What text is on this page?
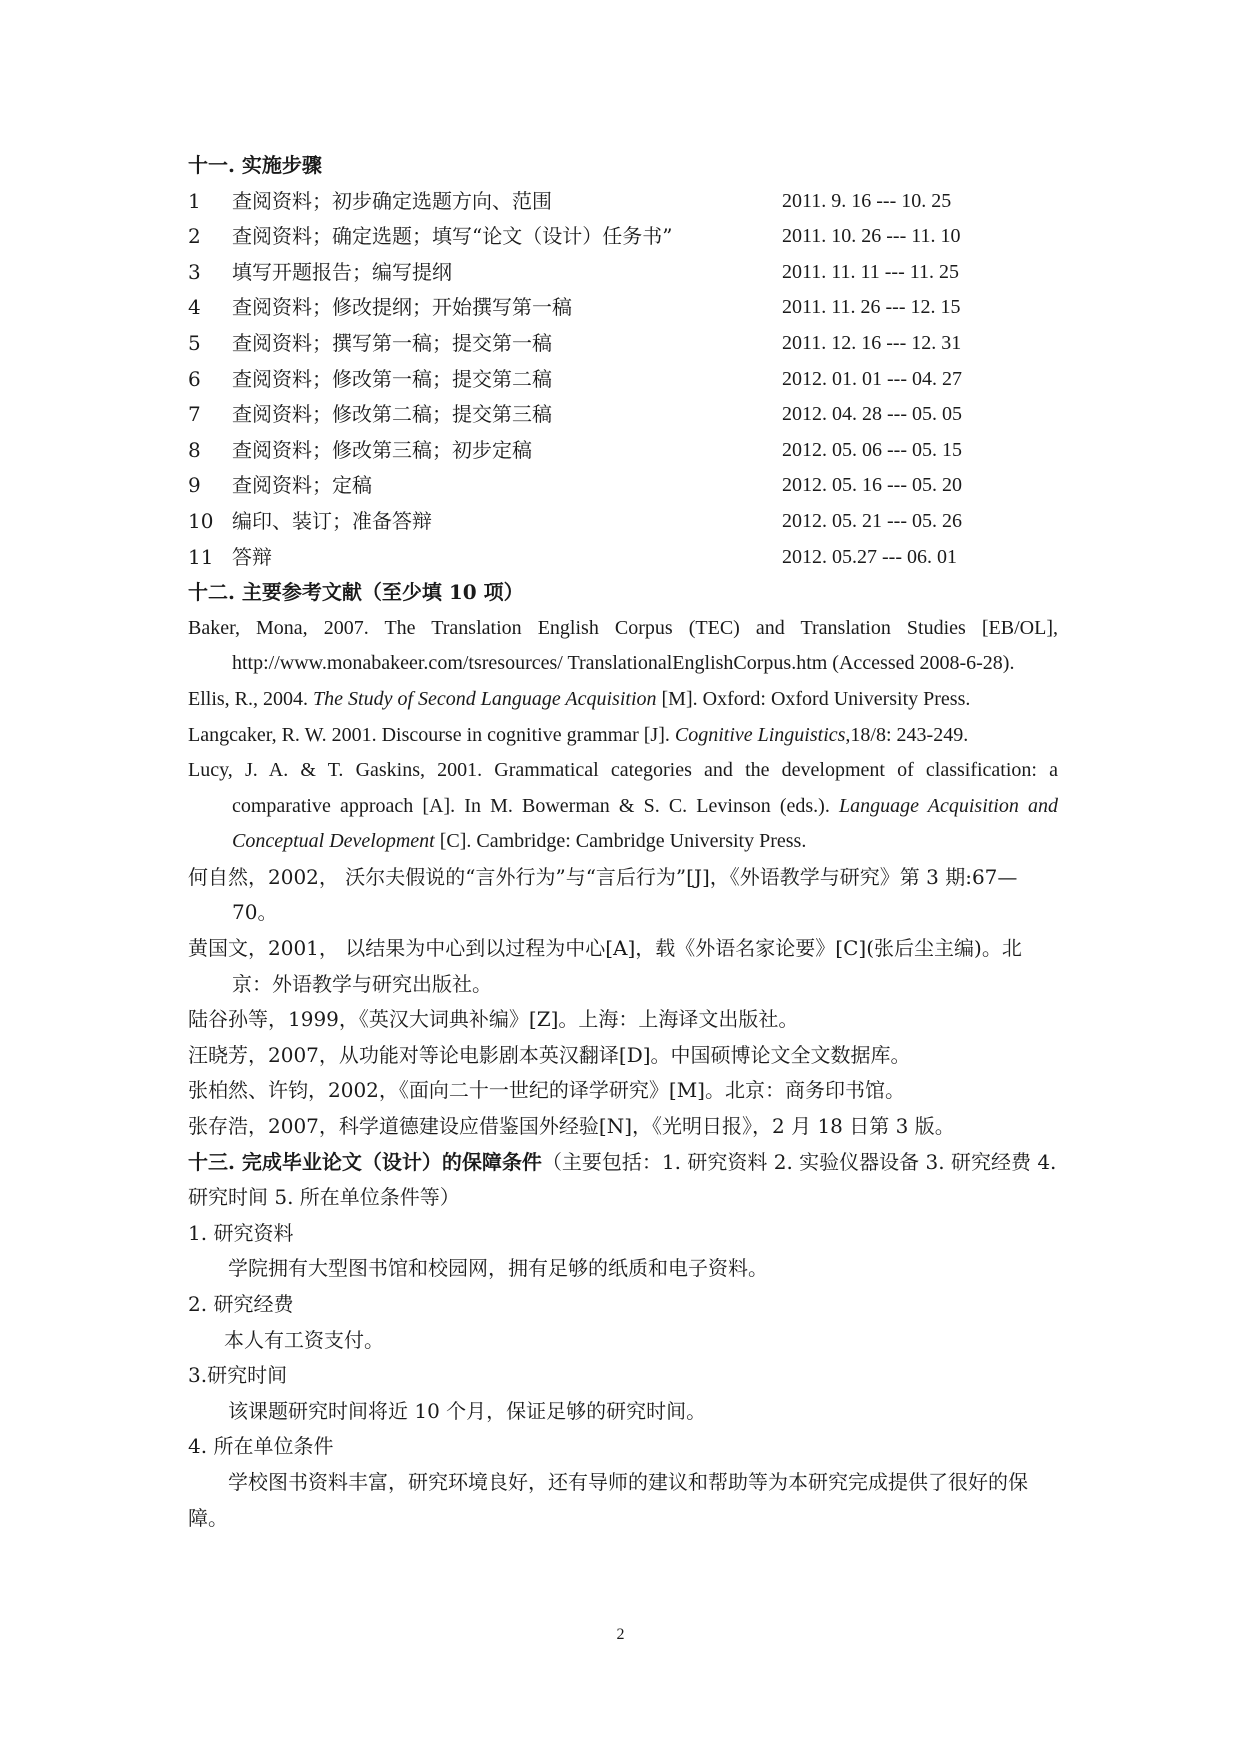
十一. 实施步骤
1 查阅资料；初步确定选题方向、范围	2011. 9. 16 --- 10. 25
2 查阅资料；确定选题；填写“论文（设计）任务书”	2011. 10. 26 --- 11. 10
3 填写开题报告；编写提纲	2011. 11. 11 --- 11. 25
4 查阅资料；修改提纲；开始撰写第一稿	2011. 11. 26 --- 12. 15
5 查阅资料；撰写第一稿；提交第一稿	2011. 12. 16 --- 12. 31
6 查阅资料；修改第一稿；提交第二稿	2012. 01. 01 --- 04. 27
7 查阅资料；修改第二稿；提交第三稿	2012. 04. 28 --- 05. 05
8 查阅资料；修改第三稿；初步定稿	2012. 05. 06 --- 05. 15
9 查阅资料；定稿	2012. 05. 16 --- 05. 20
10 编印、装订；准备答辩	2012. 05. 21 --- 05. 26
11 答辩	2012. 05.27 --- 06. 01
十二. 主要参考文献（至少填 10 项）
Baker, Mona, 2007. The Translation English Corpus (TEC) and Translation Studies [EB/OL], http://www.monabakeer.com/tsresources/ TranslationalEnglishCorpus.htm (Accessed 2008-6-28).
Ellis, R., 2004. The Study of Second Language Acquisition [M]. Oxford: Oxford University Press.
Langcaker, R. W. 2001. Discourse in cognitive grammar [J]. Cognitive Linguistics,18/8: 243-249.
Lucy, J. A. & T. Gaskins, 2001. Grammatical categories and the development of classification: a comparative approach [A]. In M. Bowerman & S. C. Levinson (eds.). Language Acquisition and Conceptual Development [C]. Cambridge: Cambridge University Press.
何自然，2002， 沃尔夫假说的“言外行为”与“言后行为”[J]，《外语教学与研究》第 3 期:67—70。
黄国文，2001， 以结果为中心到以过程为中心[A]，载《外语名家论要》[C](张后尘主编)。北京：外语教学与研究出版社。
陆谷孙等，1999，《英汉大词典补编》[Z]。上海：上海译文出版社。
汪晓芳，2007，从功能对等论电影剧本英汉翻译[D]。中国硕博论文全文数据库。
张柏然、许钧，2002，《面向二十一世纪的译学研究》[M]。北京：商务印书馆。
张存浩，2007，科学道德建设应借鉴国外经验[N]，《光明日报》，2 月 18 日第 3 版。
十三. 完成毕业论文（设计）的保障条件（主要包括：1. 研究资料 2. 实验仪器设备 3. 研究经费 4. 研究时间 5. 所在单位条件等）
1. 研究资料
学院拥有大型图书馆和校园网，拥有足够的纸质和电子资料。
2. 研究经费
本人有工资支付。
3.研究时间
该课题研究时间将近 10 个月，保证足够的研究时间。
4. 所在单位条件
学校图书资料丰富，研究环境良好，还有导师的建议和帮助等为本研究完成提供了很好的保障。
2
